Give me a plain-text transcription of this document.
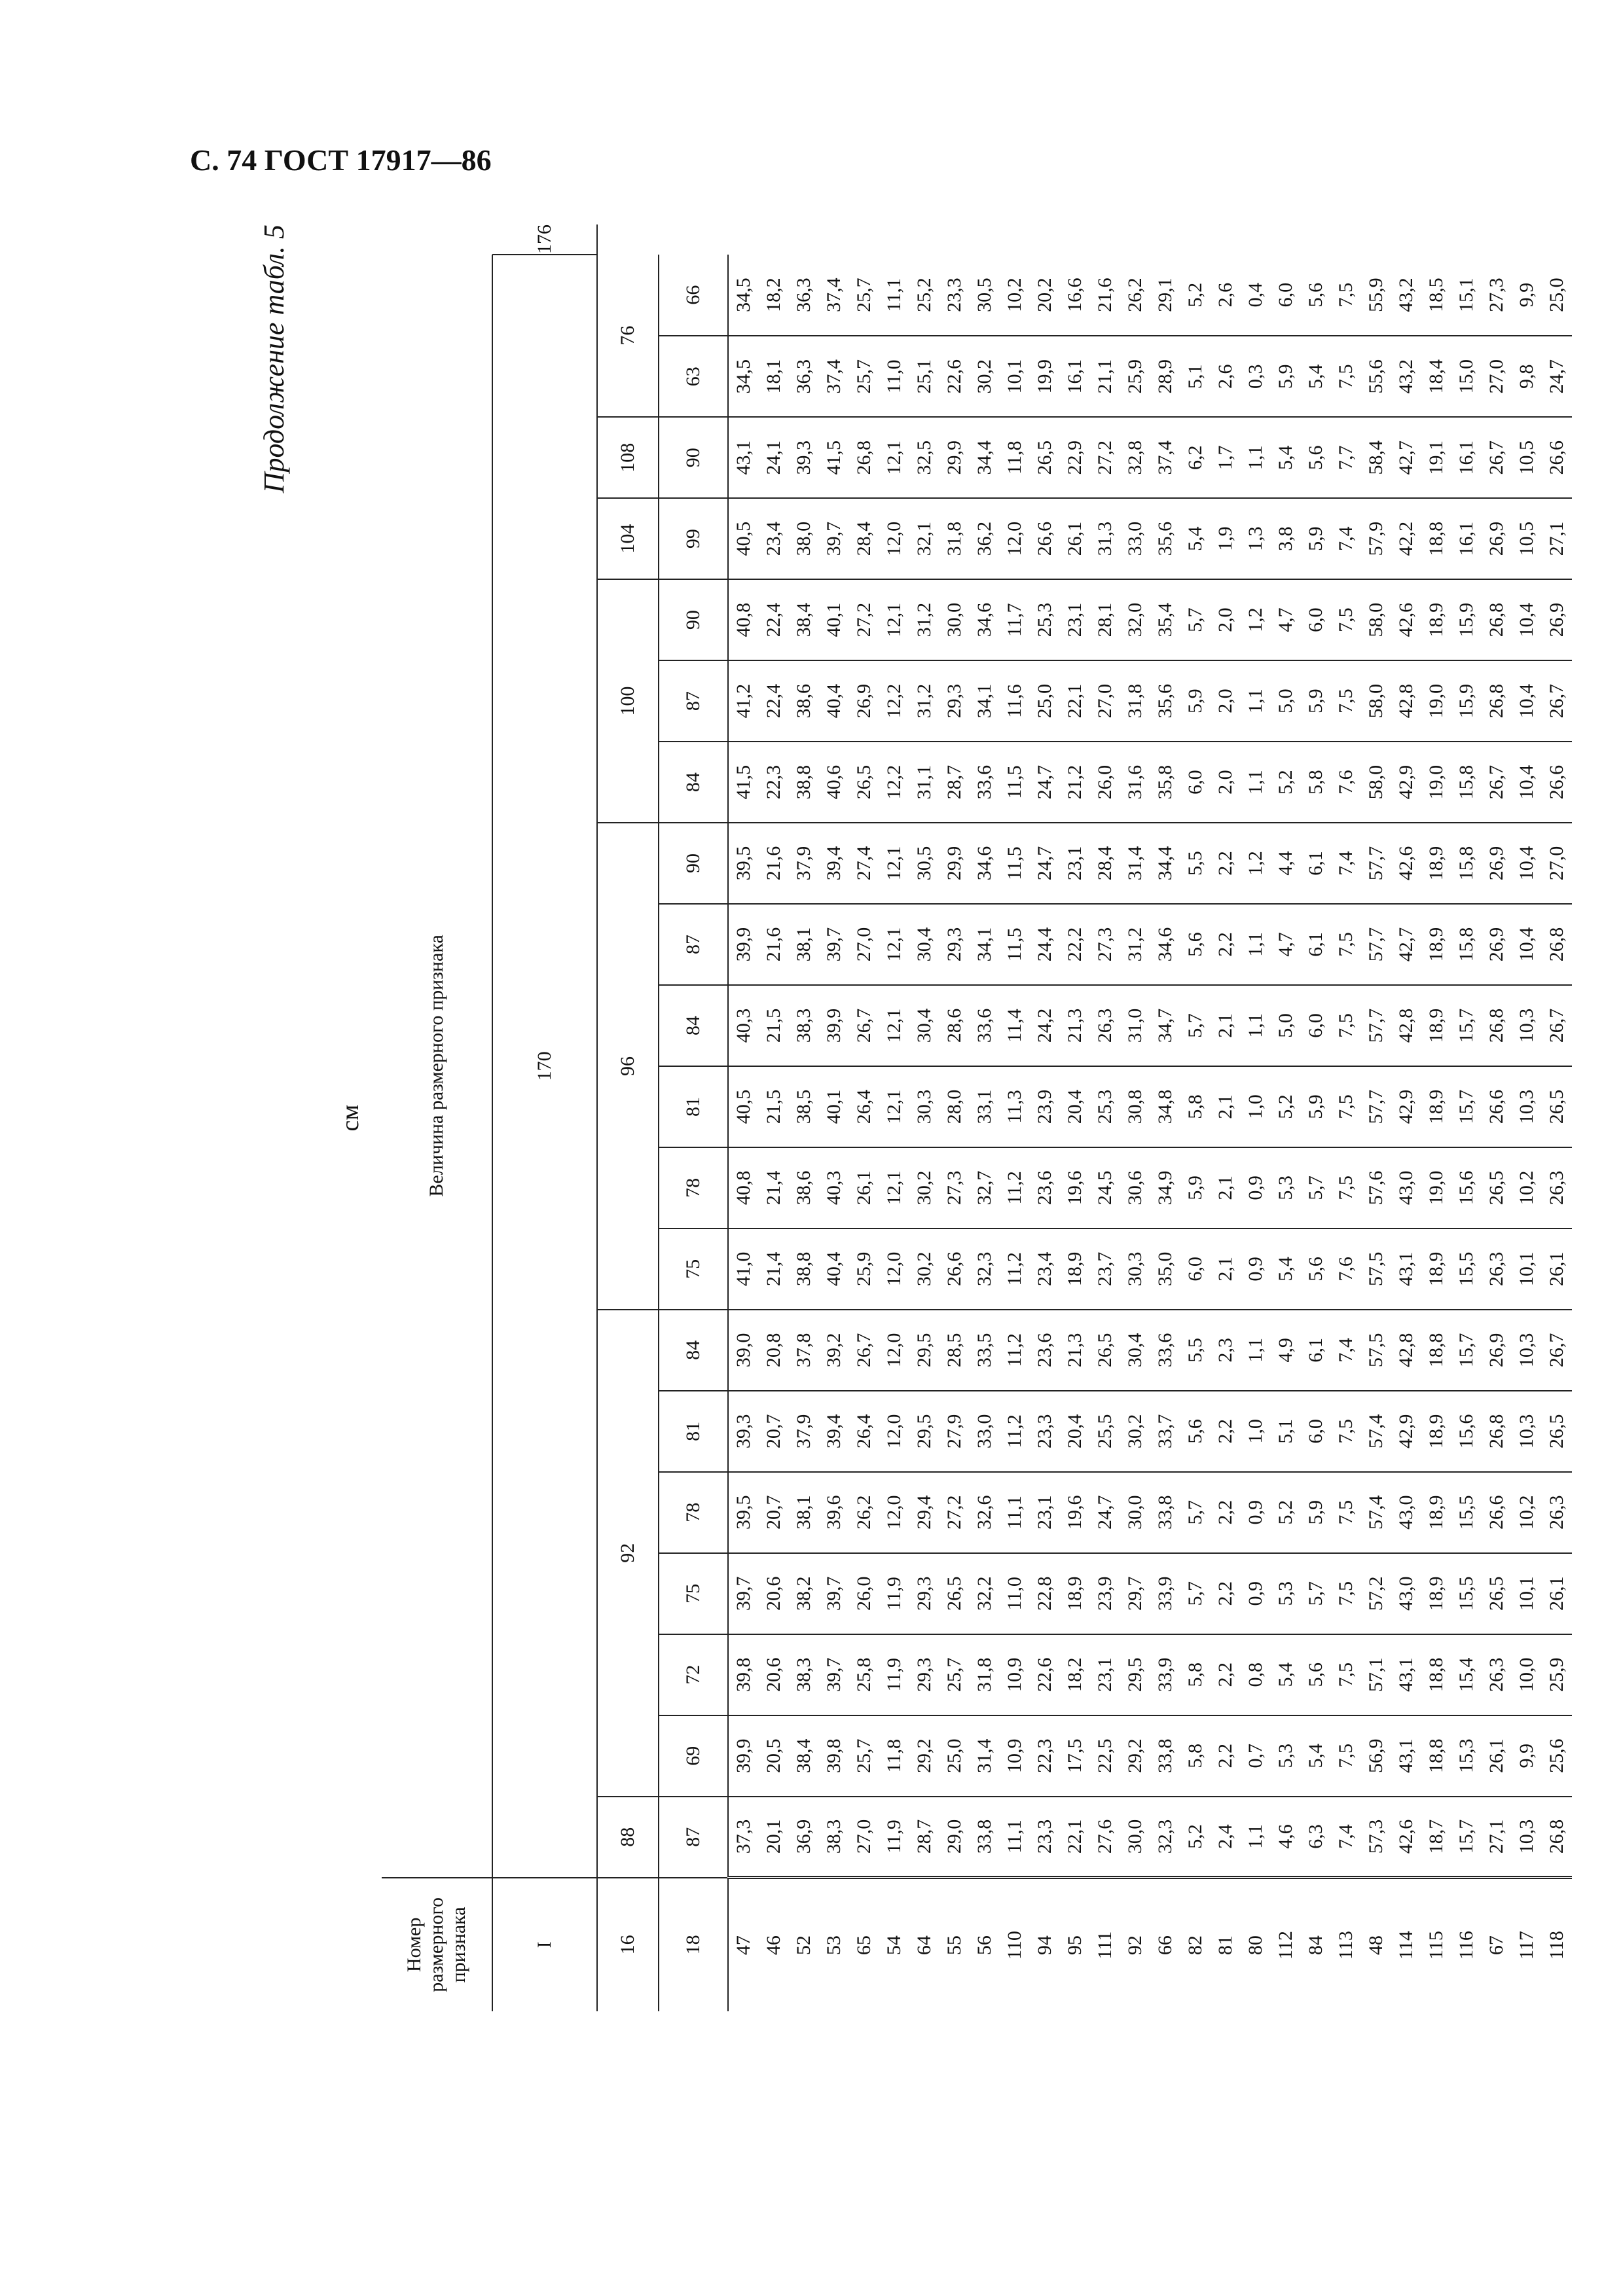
С. 74 ГОСТ 17917—86
Продолжение табл. 5
см
Номер размерного признака	Величина размерного признака																				
I	170																				176
16	88	92						96						100			104	108	76		
18	87	69	72	75	78	81	84	75	78	81	84	87	90	84	87	90	99	90	63	66	
47	37,3	39,9	39,8	39,7	39,5	39,3	39,0	41,0	40,8	40,5	40,3	39,9	39,5	41,5	41,2	40,8	40,5	43,1	34,5	34,5	
46	20,1	20,5	20,6	20,6	20,7	20,7	20,8	21,4	21,4	21,5	21,5	21,6	21,6	22,3	22,4	22,4	23,4	24,1	18,1	18,2	
52	36,9	38,4	38,3	38,2	38,1	37,9	37,8	38,8	38,6	38,5	38,3	38,1	37,9	38,8	38,6	38,4	38,0	39,3	36,3	36,3	
53	38,3	39,8	39,7	39,7	39,6	39,4	39,2	40,4	40,3	40,1	39,9	39,7	39,4	40,6	40,4	40,1	39,7	41,5	37,4	37,4	
65	27,0	25,7	25,8	26,0	26,2	26,4	26,7	25,9	26,1	26,4	26,7	27,0	27,4	26,5	26,9	27,2	28,4	26,8	25,7	25,7	
54	11,9	11,8	11,9	11,9	12,0	12,0	12,0	12,0	12,1	12,1	12,1	12,1	12,1	12,2	12,2	12,1	12,0	12,1	11,0	11,1	
64	28,7	29,2	29,3	29,3	29,4	29,5	29,5	30,2	30,2	30,3	30,4	30,4	30,5	31,1	31,2	31,2	32,1	32,5	25,1	25,2	
55	29,0	25,0	25,7	26,5	27,2	27,9	28,5	26,6	27,3	28,0	28,6	29,3	29,9	28,7	29,3	30,0	31,8	29,9	22,6	23,3	
56	33,8	31,4	31,8	32,2	32,6	33,0	33,5	32,3	32,7	33,1	33,6	34,1	34,6	33,6	34,1	34,6	36,2	34,4	30,2	30,5	
110	11,1	10,9	10,9	11,0	11,1	11,2	11,2	11,2	11,2	11,3	11,4	11,5	11,5	11,5	11,6	11,7	12,0	11,8	10,1	10,2	
94	23,3	22,3	22,6	22,8	23,1	23,3	23,6	23,4	23,6	23,9	24,2	24,4	24,7	24,7	25,0	25,3	26,6	26,5	19,9	20,2	
95	22,1	17,5	18,2	18,9	19,6	20,4	21,3	18,9	19,6	20,4	21,3	22,2	23,1	21,2	22,1	23,1	26,1	22,9	16,1	16,6	
111	27,6	22,5	23,1	23,9	24,7	25,5	26,5	23,7	24,5	25,3	26,3	27,3	28,4	26,0	27,0	28,1	31,3	27,2	21,1	21,6	
92	30,0	29,2	29,5	29,7	30,0	30,2	30,4	30,3	30,6	30,8	31,0	31,2	31,4	31,6	31,8	32,0	33,0	32,8	25,9	26,2	
66	32,3	33,8	33,9	33,9	33,8	33,7	33,6	35,0	34,9	34,8	34,7	34,6	34,4	35,8	35,6	35,4	35,6	37,4	28,9	29,1	
82	5,2	5,8	5,8	5,7	5,7	5,6	5,5	6,0	5,9	5,8	5,7	5,6	5,5	6,0	5,9	5,7	5,4	6,2	5,1	5,2	
81	2,4	2,2	2,2	2,2	2,2	2,2	2,3	2,1	2,1	2,1	2,1	2,2	2,2	2,0	2,0	2,0	1,9	1,7	2,6	2,6	
80	1,1	0,7	0,8	0,9	0,9	1,0	1,1	0,9	0,9	1,0	1,1	1,1	1,2	1,1	1,1	1,2	1,3	1,1	0,3	0,4	
112	4,6	5,3	5,4	5,3	5,2	5,1	4,9	5,4	5,3	5,2	5,0	4,7	4,4	5,2	5,0	4,7	3,8	5,4	5,9	6,0	
84	6,3	5,4	5,6	5,7	5,9	6,0	6,1	5,6	5,7	5,9	6,0	6,1	6,1	5,8	5,9	6,0	5,9	5,6	5,4	5,6	
113	7,4	7,5	7,5	7,5	7,5	7,5	7,4	7,6	7,5	7,5	7,5	7,5	7,4	7,6	7,5	7,5	7,4	7,7	7,5	7,5	
48	57,3	56,9	57,1	57,2	57,4	57,4	57,5	57,5	57,6	57,7	57,7	57,7	57,7	58,0	58,0	58,0	57,9	58,4	55,6	55,9	
114	42,6	43,1	43,1	43,0	43,0	42,9	42,8	43,1	43,0	42,9	42,8	42,7	42,6	42,9	42,8	42,6	42,2	42,7	43,2	43,2	
115	18,7	18,8	18,8	18,9	18,9	18,9	18,8	18,9	19,0	18,9	18,9	18,9	18,9	19,0	19,0	18,9	18,8	19,1	18,4	18,5	
116	15,7	15,3	15,4	15,5	15,5	15,6	15,7	15,5	15,6	15,7	15,7	15,8	15,8	15,8	15,9	15,9	16,1	16,1	15,0	15,1	
67	27,1	26,1	26,3	26,5	26,6	26,8	26,9	26,3	26,5	26,6	26,8	26,9	26,9	26,7	26,8	26,8	26,9	26,7	27,0	27,3	
117	10,3	9,9	10,0	10,1	10,2	10,3	10,3	10,1	10,2	10,3	10,3	10,4	10,4	10,4	10,4	10,4	10,5	10,5	9,8	9,9	
118	26,8	25,6	25,9	26,1	26,3	26,5	26,7	26,1	26,3	26,5	26,7	26,8	27,0	26,6	26,7	26,9	27,1	26,6	24,7	25,0	
